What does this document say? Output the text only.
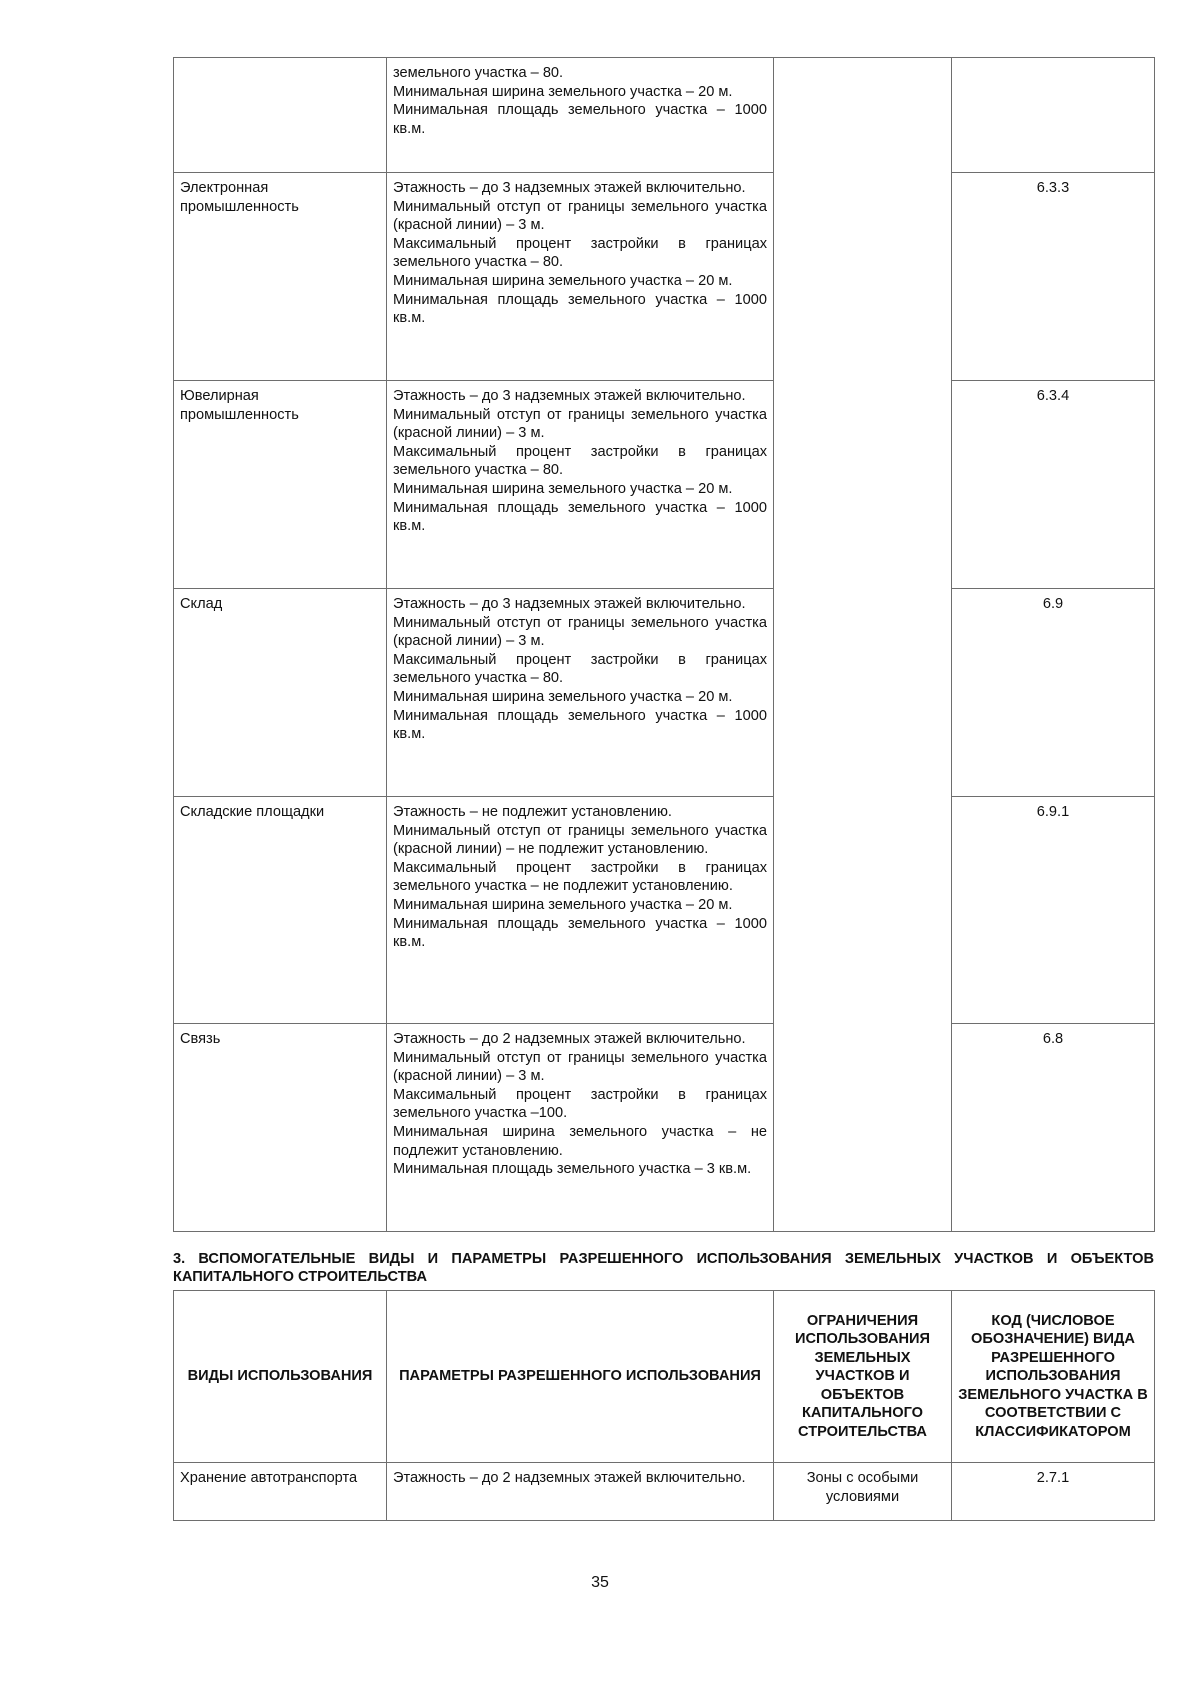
	земельного участка – 80.

Минимальная ширина земельного участка – 20 м.

Минимальная площадь земельного участка – 1000 кв.м.		

Электронная промышленность	Этажность – до 3 надземных этажей включительно.

Минимальный отступ от границы земельного участка (красной линии) – 3 м.

Максимальный процент застройки в границах земельного участка – 80.

Минимальная ширина земельного участка – 20 м.

Минимальная площадь земельного участка – 1000 кв.м.		6.3.3
Ювелирная промышленность	Этажность – до 3 надземных этажей включительно.

Минимальный отступ от границы земельного участка (красной линии) – 3 м.

Максимальный процент застройки в границах земельного участка – 80.

Минимальная ширина земельного участка – 20 м.

Минимальная площадь земельного участка – 1000 кв.м.		6.3.4
Склад	Этажность – до 3 надземных этажей включительно.

Минимальный отступ от границы земельного участка (красной линии) – 3 м.

Максимальный процент застройки в границах земельного участка – 80.

Минимальная ширина земельного участка – 20 м.

Минимальная площадь земельного участка – 1000 кв.м.		6.9
Складские площадки	Этажность – не подлежит установлению.

Минимальный отступ от границы земельного участка (красной линии) – не подлежит установлению.

Максимальный процент застройки в границах земельного участка – не подлежит установлению.

Минимальная ширина земельного участка – 20 м.

Минимальная площадь земельного участка – 1000 кв.м.		6.9.1
Связь	Этажность – до 2 надземных этажей включительно.

Минимальный отступ от границы земельного участка (красной линии) – 3 м.

Максимальный процент застройки в границах земельного участка –100.

Минимальная ширина земельного участка – не подлежит установлению.

Минимальная площадь земельного участка – 3 кв.м.		6.8

3. ВСПОМОГАТЕЛЬНЫЕ ВИДЫ И ПАРАМЕТРЫ РАЗРЕШЕННОГО ИСПОЛЬЗОВАНИЯ ЗЕМЕЛЬНЫХ УЧАСТКОВ И ОБЪЕКТОВ КАПИТАЛЬНОГО СТРОИТЕЛЬСТВА

ВИДЫ ИСПОЛЬЗОВАНИЯ	ПАРАМЕТРЫ РАЗРЕШЕННОГО ИСПОЛЬЗОВАНИЯ	ОГРАНИЧЕНИЯ ИСПОЛЬЗОВАНИЯ ЗЕМЕЛЬНЫХ УЧАСТКОВ И ОБЪЕКТОВ КАПИТАЛЬНОГО СТРОИТЕЛЬСТВА	КОД (ЧИСЛОВОЕ ОБОЗНАЧЕНИЕ) ВИДА РАЗРЕШЕННОГО ИСПОЛЬЗОВАНИЯ ЗЕМЕЛЬНОГО УЧАСТКА В СООТВЕТСТВИИ С КЛАССИФИКАТОРОМ
Хранение автотранспорта	Этажность – до 2 надземных этажей включительно.	Зоны с особыми условиями	2.7.1
35
